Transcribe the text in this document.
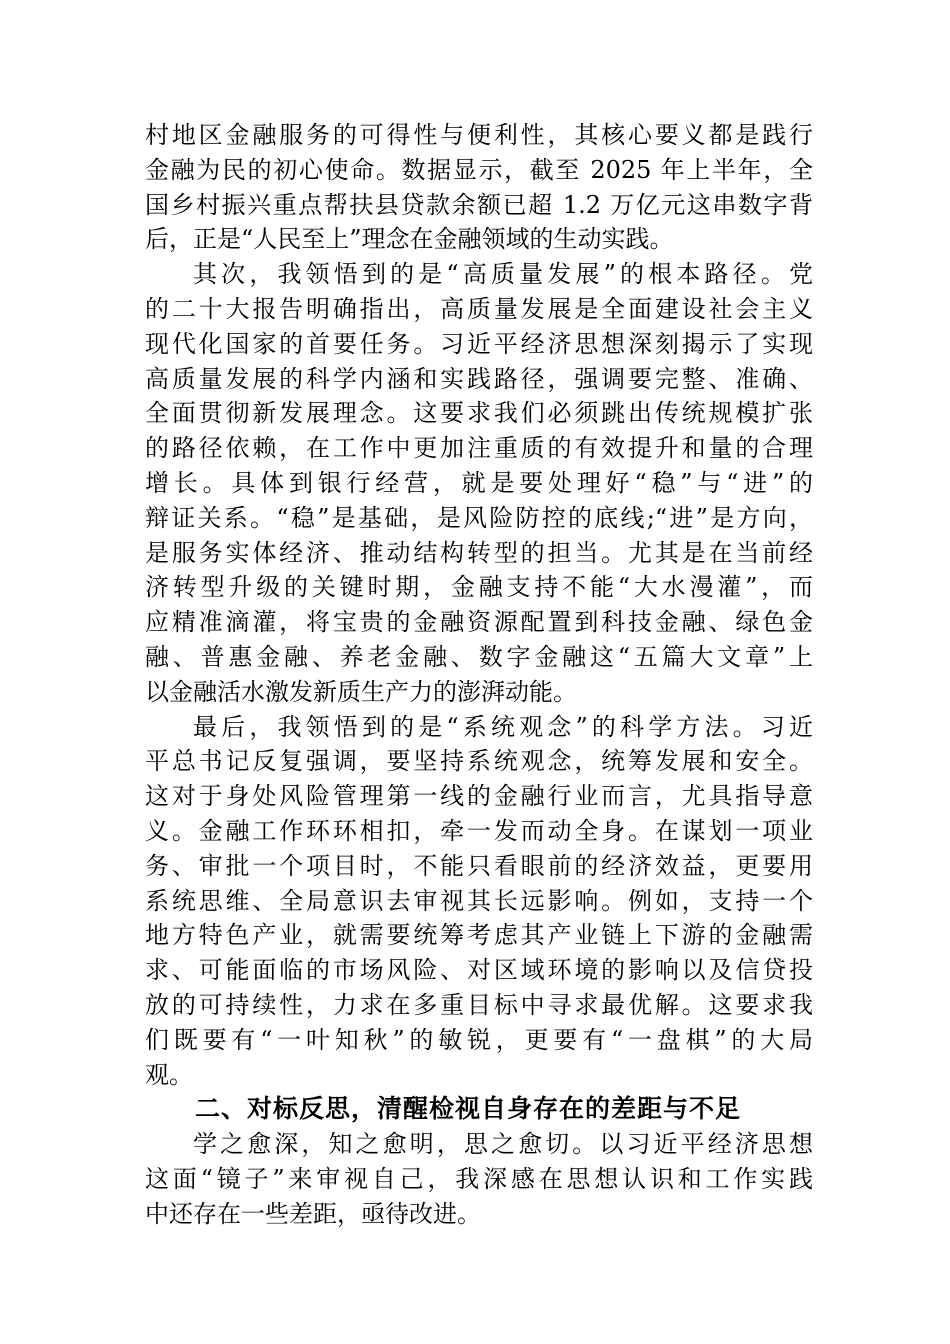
村地区金融服务的可得性与便利性，其核心要义都是践行
金融为民的初心使命。数据显示，截至 2025 年上半年，全
国乡村振兴重点帮扶县贷款余额已超 1.2 万亿元这串数字背
后，正是“人民至上”理念在金融领域的生动实践。
其次，我领悟到的是“高质量发展”的根本路径。党
的二十大报告明确指出，高质量发展是全面建设社会主义
现代化国家的首要任务。习近平经济思想深刻揭示了实现
高质量发展的科学内涵和实践路径，强调要完整、准确、
全面贯彻新发展理念。这要求我们必须跳出传统规模扩张
的路径依赖，在工作中更加注重质的有效提升和量的合理
增长。具体到银行经营，就是要处理好“稳”与“进”的
辩证关系。“稳”是基础，是风险防控的底线;“进”是方向，
是服务实体经济、推动结构转型的担当。尤其是在当前经
济转型升级的关键时期，金融支持不能“大水漫灌”，而
应精准滴灌，将宝贵的金融资源配置到科技金融、绿色金
融、普惠金融、养老金融、数字金融这“五篇大文章”上
以金融活水激发新质生产力的澎湃动能。
最后，我领悟到的是“系统观念”的科学方法。习近
平总书记反复强调，要坚持系统观念，统筹发展和安全。
这对于身处风险管理第一线的金融行业而言，尤具指导意
义。金融工作环环相扣，牵一发而动全身。在谋划一项业
务、审批一个项目时，不能只看眼前的经济效益，更要用
系统思维、全局意识去审视其长远影响。例如，支持一个
地方特色产业，就需要统筹考虑其产业链上下游的金融需
求、可能面临的市场风险、对区域环境的影响以及信贷投
放的可持续性，力求在多重目标中寻求最优解。这要求我
们既要有“一叶知秋”的敏锐，更要有“一盘棋”的大局
观。
二、对标反思，清醒检视自身存在的差距与不足
学之愈深，知之愈明，思之愈切。以习近平经济思想
这面“镜子”来审视自己，我深感在思想认识和工作实践
中还存在一些差距，亟待改进。
